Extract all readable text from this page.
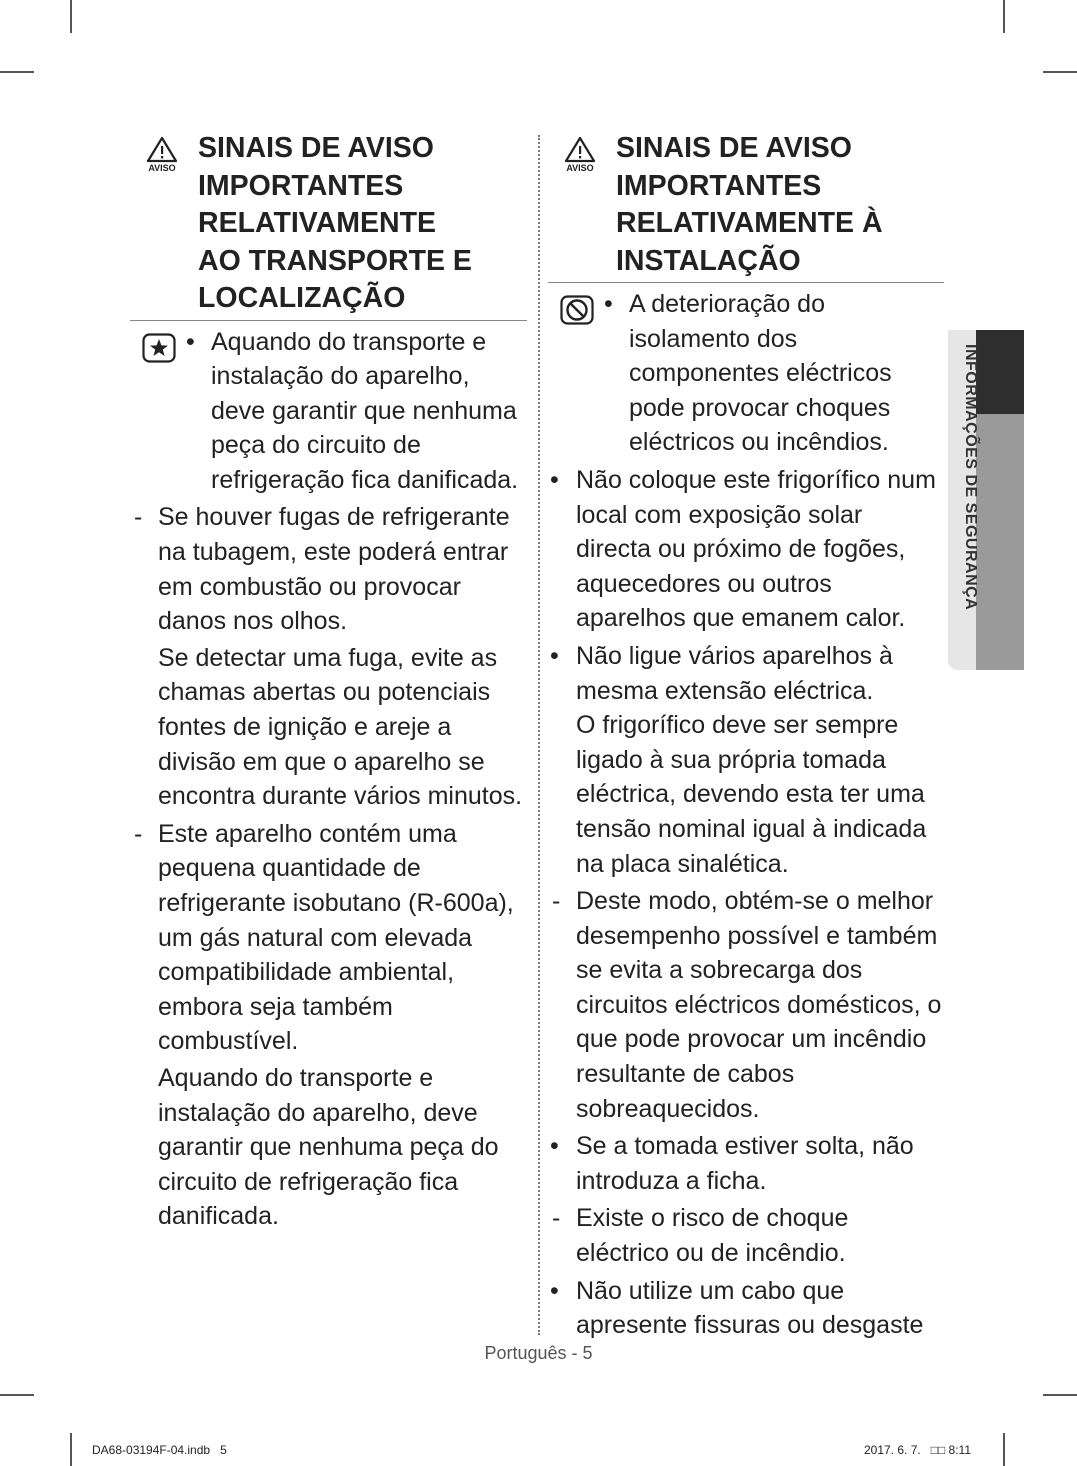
AVISO
SINAIS DE AVISO
IMPORTANTES
RELATIVAMENTE
AO TRANSPORTE E
LOCALIZAÇÃO
• Aquando do transporte e instalação do aparelho, deve garantir que nenhuma peça do circuito de refrigeração fica danificada.
- Se houver fugas de refrigerante na tubagem, este poderá entrar em combustão ou provocar danos nos olhos.
Se detectar uma fuga, evite as chamas abertas ou potenciais fontes de ignição e areje a divisão em que o aparelho se encontra durante vários minutos.
- Este aparelho contém uma pequena quantidade de refrigerante isobutano (R-600a), um gás natural com elevada compatibilidade ambiental, embora seja também combustível.
Aquando do transporte e instalação do aparelho, deve garantir que nenhuma peça do circuito de refrigeração fica danificada.
AVISO
SINAIS DE AVISO
IMPORTANTES
RELATIVAMENTE À
INSTALAÇÃO
• A deterioração do isolamento dos componentes eléctricos pode provocar choques eléctricos ou incêndios.
• Não coloque este frigorífico num local com exposição solar directa ou próximo de fogões, aquecedores ou outros aparelhos que emanem calor.
• Não ligue vários aparelhos à mesma extensão eléctrica.
O frigorífico deve ser sempre ligado à sua própria tomada eléctrica, devendo esta ter uma tensão nominal igual à indicada na placa sinalética.
- Deste modo, obtém-se o melhor desempenho possível e também se evita a sobrecarga dos circuitos eléctricos domésticos, o que pode provocar um incêndio resultante de cabos sobreaquecidos.
• Se a tomada estiver solta, não introduza a ficha.
- Existe o risco de choque eléctrico ou de incêndio.
• Não utilize um cabo que apresente fissuras ou desgaste
INFORMAÇÕES DE SEGURANÇA
Português - 5
DA68-03194F-04.indb   5	2017. 6. 7.   □□ 8:11
